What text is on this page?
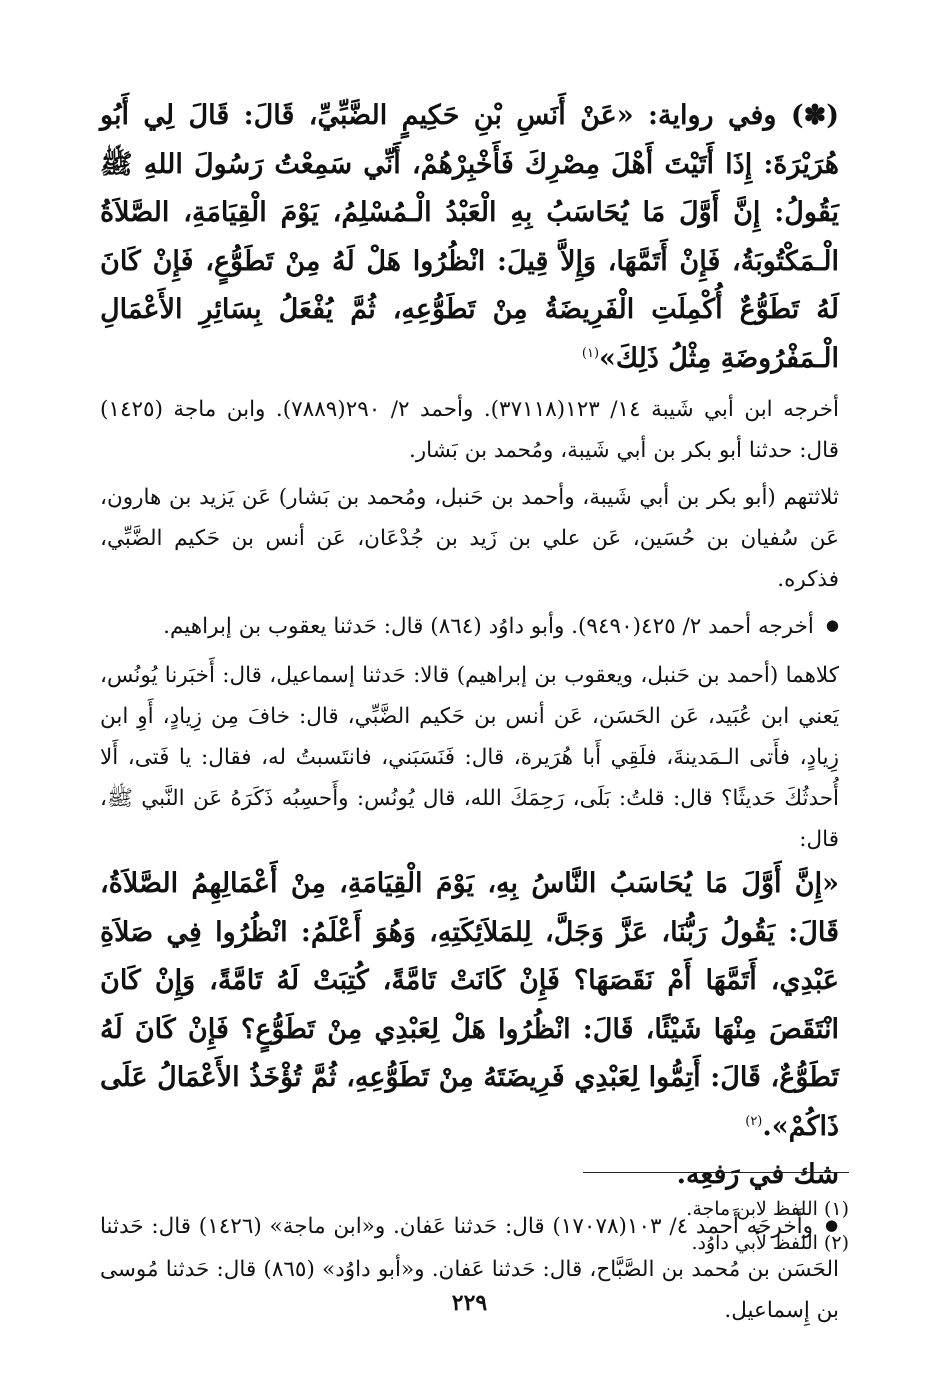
(✽) وفي رواية: «عَنْ أَنَسِ بْنِ حَكِيمٍ الضَّبِّيِّ، قَالَ: قَالَ لِي أَبُو هُرَيْرَةَ: إِذَا أَتَيْتَ أَهْلَ مِصْرِكَ فَأَخْبِرْهُمْ، أَنِّي سَمِعْتُ رَسُولَ اللهِ ﷺ يَقُولُ: إِنَّ أَوَّلَ مَا يُحَاسَبُ بِهِ الْعَبْدُ الْـمُسْلِمُ، يَوْمَ الْقِيَامَةِ، الصَّلاَةُ الْـمَكْتُوبَةُ، فَإِنْ أَتَمَّهَا، وَإِلاَّ قِيلَ: انْظُرُوا هَلْ لَهُ مِنْ تَطَوُّعٍ، فَإِنْ كَانَ لَهُ تَطَوُّعٌ أُكْمِلَتِ الْفَرِيضَةُ مِنْ تَطَوُّعِهِ، ثُمَّ يُفْعَلُ بِسَائِرِ الأَعْمَالِ الْـمَفْرُوضَةِ مِثْلُ ذَلِكَ»$^{(١)}$

أخرجه ابن أبي شَيبة ١٤/ ١٢٣(٣٧١١٨). وأحمد ٢/ ٢٩٠(٧٨٨٩). وابن ماجة (١٤٢٥) قال: حدثنا أبو بكر بن أبي شَيبة، ومُحمد بن بَشار.

ثلاثتهم (أبو بكر بن أبي شَيبة، وأحمد بن حَنبل، ومُحمد بن بَشار) عَن يَزيد بن هارون، عَن سُفيان بن حُسَين، عَن علي بن زَيد بن جُدْعَان، عَن أنس بن حَكيم الضَّبِّي، فذكره.

● أخرجه أحمد ٢/ ٤٢٥(٩٤٩٠). وأبو داوُد (٨٦٤) قال: حَدثنا يعقوب بن إبراهيم.

كلاهما (أحمد بن حَنبل، ويعقوب بن إبراهيم) قالا: حَدثنا إسماعيل، قال: أَخبَرنا يُونُس، يَعني ابن عُبَيد، عَن الحَسَن، عَن أنس بن حَكيم الضَّبِّي، قال: خافَ مِن زِيادٍ، أَوِ ابن زِيادٍ، فأَتى الـمَدينةَ، فلَقِي أَبا هُرَيرة، قال: فَنَسَبَني، فانتَسبتُ له، فقال: يا فَتى، أَلا أُحدثُكَ حَديثًا؟ قال: قلتُ: بَلَى، رَحِمَكَ الله، قال يُونُس: وأَحسِبُه ذَكَرَهُ عَن النَّبي ﷺ، قال:

«إِنَّ أَوَّلَ مَا يُحَاسَبُ النَّاسُ بِهِ، يَوْمَ الْقِيَامَةِ، مِنْ أَعْمَالِهِمُ الصَّلاَةُ، قَالَ: يَقُولُ رَبُّنَا، عَزَّ وَجَلَّ، لِلمَلاَئِكَتِهِ، وَهُوَ أَعْلَمُ: انْظُرُوا فِي صَلاَةِ عَبْدِي، أَتَمَّهَا أَمْ نَقَصَهَا؟ فَإِنْ كَانَتْ تَامَّةً، كُتِبَتْ لَهُ تَامَّةً، وَإِنْ كَانَ انْتَقَصَ مِنْهَا شَيْئًا، قَالَ: انْظُرُوا هَلْ لِعَبْدِي مِنْ تَطَوُّعٍ؟ فَإِنْ كَانَ لَهُ تَطَوُّعٌ، قَالَ: أَتِمُّوا لِعَبْدِي فَرِيضَتَهُ مِنْ تَطَوُّعِهِ، ثُمَّ تُؤْخَذُ الأَعْمَالُ عَلَى ذَاكُمْ».$^{(٢)}$

شك في رَفعِه.

● وأَخرجَه أَحمد ٤/ ١٠٣(١٧٠٧٨) قال: حَدثنا عَفان. و«ابن ماجة» (١٤٢٦) قال: حَدثنا الحَسَن بن مُحمد بن الصَّبَّاح، قال: حَدثنا عَفان. و«أبو داوُد» (٨٦٥) قال: حَدثنا مُوسى بن إِسماعيل.

(١) اللفظ لابن ماجة.
(٢) اللفظ لأَبي داوُد.
٢٢٩
